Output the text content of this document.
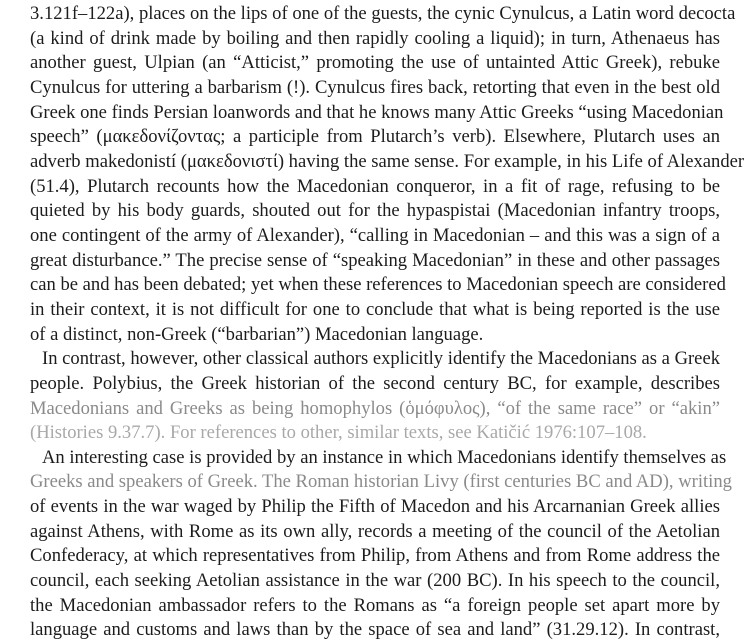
3.121f–122a), places on the lips of one of the guests, the cynic Cynulcus, a Latin word decocta
(a kind of drink made by boiling and then rapidly cooling a liquid); in turn, Athenaeus has
another guest, Ulpian (an “Atticist,” promoting the use of untainted Attic Greek), rebuke
Cynulcus for uttering a barbarism (!). Cynulcus fires back, retorting that even in the best old
Greek one finds Persian loanwords and that he knows many Attic Greeks “using Macedonian
speech” (μακεδονίζοντας; a participle from Plutarch’s verb). Elsewhere, Plutarch uses an
adverb makedonistí (μακεδονιστί) having the same sense. For example, in his Life of Alexander
(51.4), Plutarch recounts how the Macedonian conqueror, in a fit of rage, refusing to be
quieted by his body guards, shouted out for the hypaspistai (Macedonian infantry troops,
one contingent of the army of Alexander), “calling in Macedonian – and this was a sign of a
great disturbance.” The precise sense of “speaking Macedonian” in these and other passages
can be and has been debated; yet when these references to Macedonian speech are considered
in their context, it is not difficult for one to conclude that what is being reported is the use
of a distinct, non-Greek (“barbarian”) Macedonian language.
In contrast, however, other classical authors explicitly identify the Macedonians as a Greek
people. Polybius, the Greek historian of the second century BC, for example, describes
Macedonians and Greeks as being homophylos (ὁμόφυλος), “of the same race” or “akin”
(Histories 9.37.7). For references to other, similar texts, see Katičić 1976:107–108.
An interesting case is provided by an instance in which Macedonians identify themselves as
Greeks and speakers of Greek. The Roman historian Livy (first centuries BC and AD), writing
of events in the war waged by Philip the Fifth of Macedon and his Arcarnanian Greek allies
against Athens, with Rome as its own ally, records a meeting of the council of the Aetolian
Confederacy, at which representatives from Philip, from Athens and from Rome address the
council, each seeking Aetolian assistance in the war (200 BC). In his speech to the council,
the Macedonian ambassador refers to the Romans as “a foreign people set apart more by
language and customs and laws than by the space of sea and land” (31.29.12). In contrast,
